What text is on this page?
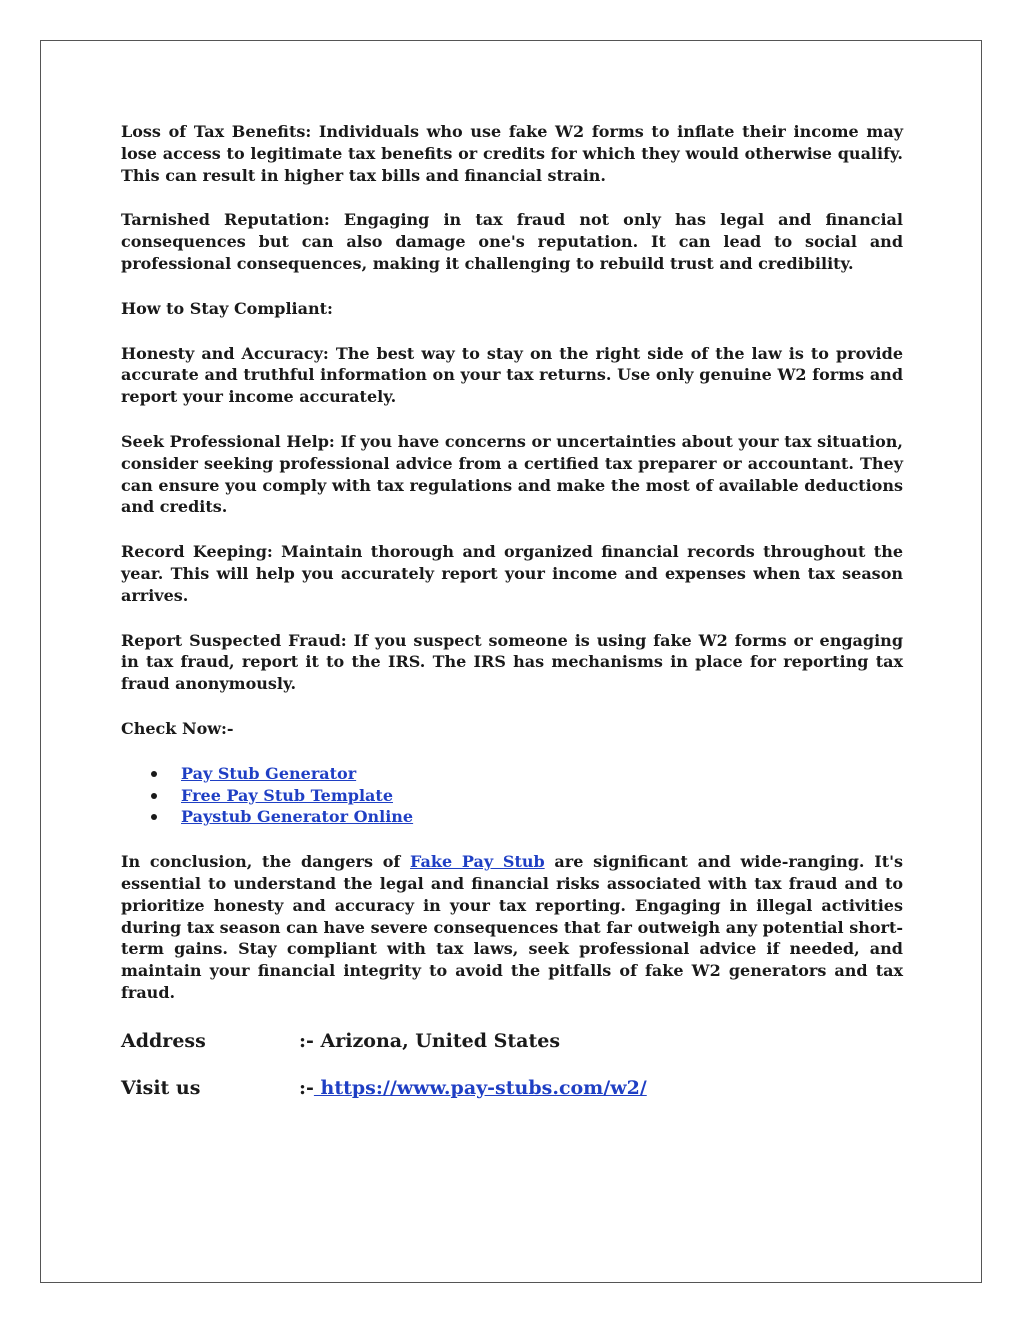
Loss of Tax Benefits: Individuals who use fake W2 forms to inflate their income may lose access to legitimate tax benefits or credits for which they would otherwise qualify. This can result in higher tax bills and financial strain.

Tarnished Reputation: Engaging in tax fraud not only has legal and financial consequences but can also damage one's reputation. It can lead to social and professional consequences, making it challenging to rebuild trust and credibility.

How to Stay Compliant:

Honesty and Accuracy: The best way to stay on the right side of the law is to provide accurate and truthful information on your tax returns. Use only genuine W2 forms and report your income accurately.

Seek Professional Help: If you have concerns or uncertainties about your tax situation, consider seeking professional advice from a certified tax preparer or accountant. They can ensure you comply with tax regulations and make the most of available deductions and credits.

Record Keeping: Maintain thorough and organized financial records throughout the year. This will help you accurately report your income and expenses when tax season arrives.

Report Suspected Fraud: If you suspect someone is using fake W2 forms or engaging in tax fraud, report it to the IRS. The IRS has mechanisms in place for reporting tax fraud anonymously.

Check Now:-

Pay Stub Generator
Free Pay Stub Template
Paystub Generator Online

In conclusion, the dangers of Fake Pay Stub are significant and wide-ranging. It's essential to understand the legal and financial risks associated with tax fraud and to prioritize honesty and accuracy in your tax reporting. Engaging in illegal activities during tax season can have severe consequences that far outweigh any potential short-term gains. Stay compliant with tax laws, seek professional advice if needed, and maintain your financial integrity to avoid the pitfalls of fake W2 generators and tax fraud.

Address	:- Arizona, United States
Visit us	:- https://www.pay-stubs.com/w2/
